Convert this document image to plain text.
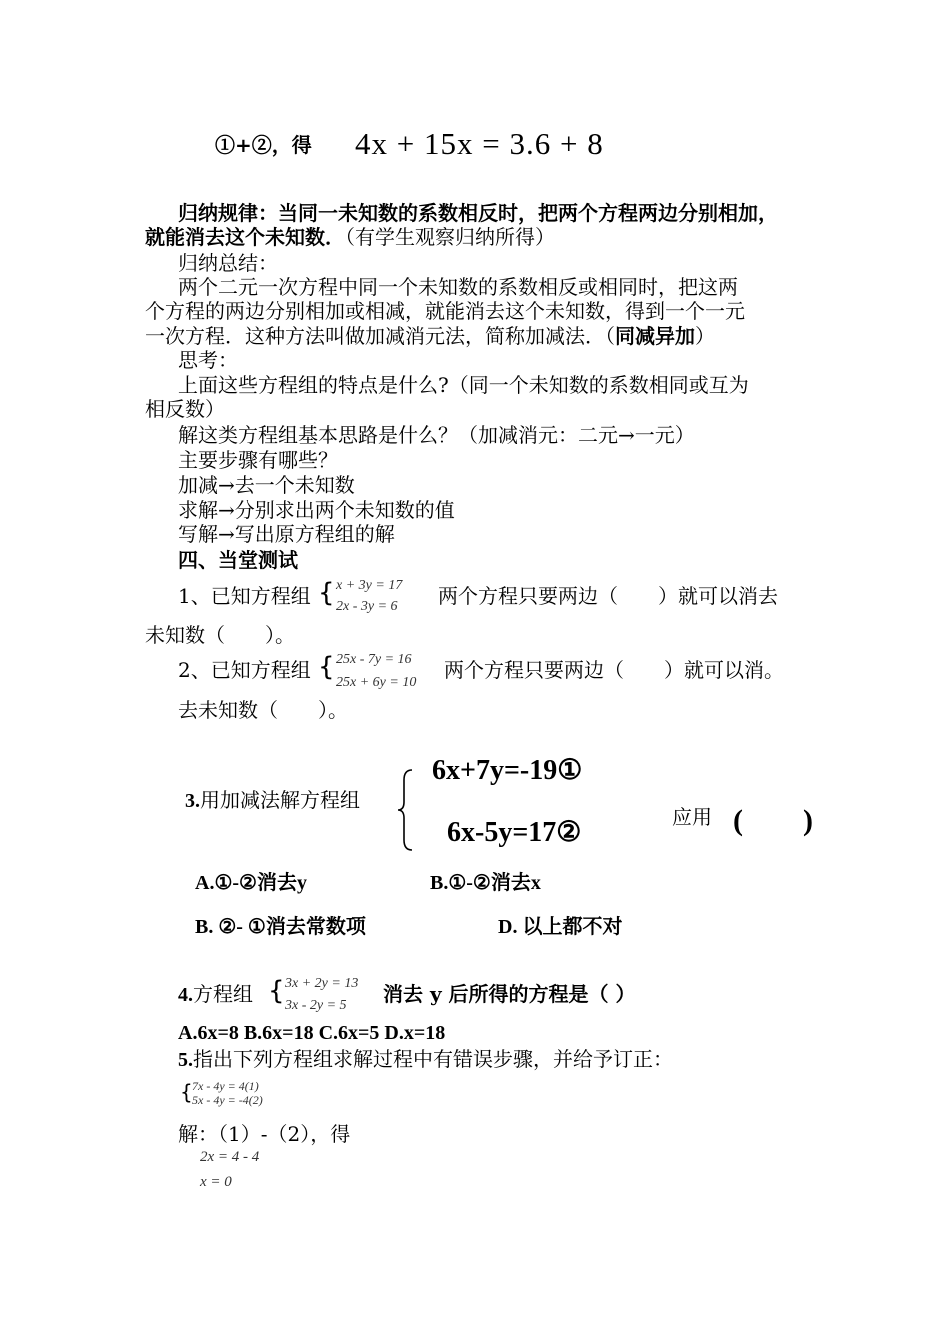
①+②，得 4x + 15x = 3.6 + 8
归纳规律：当同一未知数的系数相反时，把两个方程两边分别相加，
就能消去这个未知数．（有学生观察归纳所得）
归纳总结：
两个二元一次方程中同一个未知数的系数相反或相同时，把这两
个方程的两边分别相加或相减，就能消去这个未知数，得到一个一元
一次方程．这种方法叫做加减消元法，简称加减法．（同减异加）
思考：
上面这些方程组的特点是什么?（同一个未知数的系数相同或互为
相反数）
解这类方程组基本思路是什么？（加减消元：二元→一元）
主要步骤有哪些？
加减→去一个未知数
求解→分别求出两个未知数的值
写解→写出原方程组的解
四、当堂测试
1、已知方程组 { x + 3y = 17
2x - 3y = 6 两个方程只要两边（　　）就可以消去
未知数（　　）。
2、已知方程组 { 25x - 7y = 16
25x + 6y = 10
两个方程只要两边（　　）就可以消。
去未知数（　　）。
3.用加减法解方程组
6x+7y=-19①
6x-5y=17②	应用 (　　)
A.①-②消去y	B.①-②消去x
B. ②- ①消去常数项	D. 以上都不对
4.方程组 { 3x + 2y = 13
3x - 2y = 5 消去 y 后所得的方程是（ ）
A.6x=8 B.6x=18 C.6x=5 D.x=18
5.指出下列方程组求解过程中有错误步骤，并给予订正：
{ 7x - 4y = 4(1)
5x - 4y = -4(2)
解：（1）-（2），得
2x = 4 - 4
x = 0
